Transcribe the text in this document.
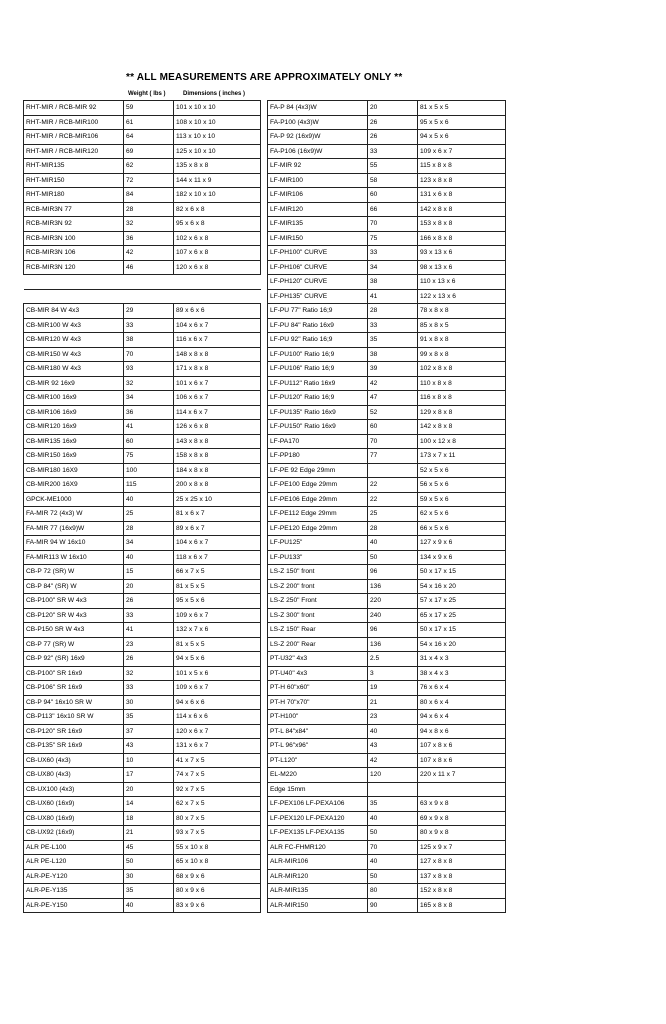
** ALL MEASUREMENTS ARE APPROXIMATELY ONLY **
Weight ( lbs )	Dimensions ( inches )
RHT-MIR / RCB-MIR 92	59	101 x 10 x 10
RHT-MIR / RCB-MIR100	61	108 x 10 x 10
RHT-MIR / RCB-MIR106	64	113 x 10 x 10
RHT-MIR / RCB-MIR120	69	125 x 10 x 10
RHT-MIR135	62	135 x 8 x 8
RHT-MIR150	72	144 x 11 x 9
RHT-MIR180	84	182 x 10 x 10
RCB-MIR3N 77	28	82 x 6 x 8
RCB-MIR3N 92	32	95 x 6 x 8
RCB-MIR3N 100	36	102 x 6 x 8
RCB-MIR3N 106	42	107 x 6 x 8
RCB-MIR3N 120	46	120 x 6 x 8

CB-MIR 84 W 4x3	29	89 x 6 x 6
CB-MIR100 W 4x3	33	104 x 6 x 7
CB-MIR120 W 4x3	38	116 x 6 x 7
CB-MIR150 W 4x3	70	148 x 8 x 8
CB-MIR180 W 4x3	93	171 x 8 x 8
CB-MIR 92 16x9	32	101 x 6 x 7
CB-MIR100 16x9	34	106 x 6 x 7
CB-MIR106 16x9	36	114 x 6 x 7
CB-MIR120 16x9	41	126 x 6 x 8
CB-MIR135 16x9	60	143 x 8 x 8
CB-MIR150 16x9	75	158 x 8 x 8
CB-MIR180 16X9	100	184 x 8 x 8
CB-MIR200 16X9	115	200 x 8 x 8
GPCK-ME1000	40	25 x 25 x 10
FA-MIR 72 (4x3) W	25	81 x 6 x 7
FA-MIR 77 (16x9)W	28	89 x 6 x 7
FA-MIR 94 W 16x10	34	104 x 6 x 7
FA-MIR113 W 16x10	40	118 x 6 x 7
CB-P 72 (SR) W	15	66 x 7 x 5
CB-P 84" (SR) W	20	81 x 5 x 5
CB-P100" SR W 4x3	26	95 x 5 x 6
CB-P120" SR W 4x3	33	109 x 6 x 7
CB-P150 SR W 4x3	41	132 x 7 x 6
CB-P 77 (SR) W	23	81 x 5 x 5
CB-P 92" (SR) 16x9	26	94 x 5 x 6
CB-P100" SR 16x9	32	101 x 5 x 6
CB-P106" SR 16x9	33	109 x 6 x 7
CB-P 94" 16x10 SR W	30	94 x 6 x 6
CB-P113" 16x10 SR W	35	114 x 6 x 6
CB-P120" SR 16x9	37	120 x 6 x 7
CB-P135" SR 16x9	43	131 x 6 x 7
CB-UX60 (4x3)	10	41 x 7 x 5
CB-UX80 (4x3)	17	74 x 7 x 5
CB-UX100 (4x3)	20	92 x 7 x 5
CB-UX60 (16x9)	14	62 x 7 x 5
CB-UX80 (16x9)	18	80 x 7 x 5
CB-UX92 (16x9)	21	93 x 7 x 5
ALR PE-L100	45	55 x 10 x 8
ALR PE-L120	50	65 x 10 x 8
ALR-PE-Y120	30	68 x 9 x 6
ALR-PE-Y135	35	80 x 9 x 6
ALR-PE-Y150	40	83 x 9 x 6
FA-P 84 (4x3)W	20	81 x 5 x 5
FA-P100 (4x3)W	26	95 x 5 x 6
FA-P 92 (16x9)W	26	94 x 5 x 6
FA-P106 (16x9)W	33	109 x 6 x 7
LF-MIR 92	55	115 x 8 x 8
LF-MIR100	58	123 x 8 x 8
LF-MIR106	60	131 x 6 x 8
LF-MIR120	66	142 x 8 x 8
LF-MIR135	70	153 x 8 x 8
LF-MIR150	75	166 x 8 x 8
LF-PH100" CURVE	33	93 x 13 x 6
LF-PH106" CURVE	34	98 x 13 x 6
LF-PH120" CURVE	38	110 x 13 x 6
LF-PH135" CURVE	41	122 x 13 x 6
LF-PU 77" Ratio 16;9	28	78 x 8 x 8
LF-PU 84" Ratio 16x9	33	85 x 8 x 5
LF-PU 92" Ratio 16;9	35	91 x 8 x 8
LF-PU100" Ratio 16;9	38	99 x 8 x 8
LF-PU106" Ratio 16;9	39	102 x 8 x 8
LF-PU112" Ratio 16x9	42	110 x 8 x 8
LF-PU120" Ratio 16;9	47	116 x 8 x 8
LF-PU135" Ratio 16x9	52	129 x 8 x 8
LF-PU150" Ratio 16x9	60	142 x 8 x 8
LF-PA170	70	100 x 12 x 8
LF-PP180	77	173 x 7 x 11
LF-PE 92 Edge 29mm		52 x 5 x 6
LF-PE100 Edge 29mm	22	56 x 5 x 6
LF-PE106 Edge 29mm	22	59 x 5 x 6
LF-PE112 Edge 29mm	25	62 x 5 x 6
LF-PE120 Edge 29mm	28	66 x 5 x 6
LF-PU125"	40	127 x 9 x 6
LF-PU133"	50	134 x 9 x 6
LS-Z 150" front	96	50 x 17 x 15
LS-Z 200" front	136	54 x 16 x 20
LS-Z 250" Front	220	57 x 17 x 25
LS-Z 300" front	240	65 x 17 x 25
LS-Z 150" Rear	96	50 x 17 x 15
LS-Z 200" Rear	136	54 x 16 x 20
PT-U32" 4x3	2.5	31 x 4 x 3
PT-U40" 4x3	3	38 x 4 x 3
PT-H 60"x60"	19	76 x 6 x 4
PT-H 70"x70"	21	80 x 6 x 4
PT-H100"	23	94 x 6 x 4
PT-L 84"x84"	40	94 x 8 x 6
PT-L 96"x96"	43	107 x 8 x 6
PT-L120"	42	107 x 8 x 6
EL-M220	120	220 x 11 x 7
Edge 15mm		
LF-PEX106 LF-PEXA106	35	63 x 9 x 8
LF-PEX120 LF-PEXA120	40	69 x 9 x 8
LF-PEX135 LF-PEXA135	50	80 x 9 x 8
ALR FC-FHMR120	70	125 x 9 x 7
ALR-MIR106	40	127 x 8 x 8
ALR-MIR120	50	137 x 8 x 8
ALR-MIR135	80	152 x 8 x 8
ALR-MIR150	90	165 x 8 x 8
